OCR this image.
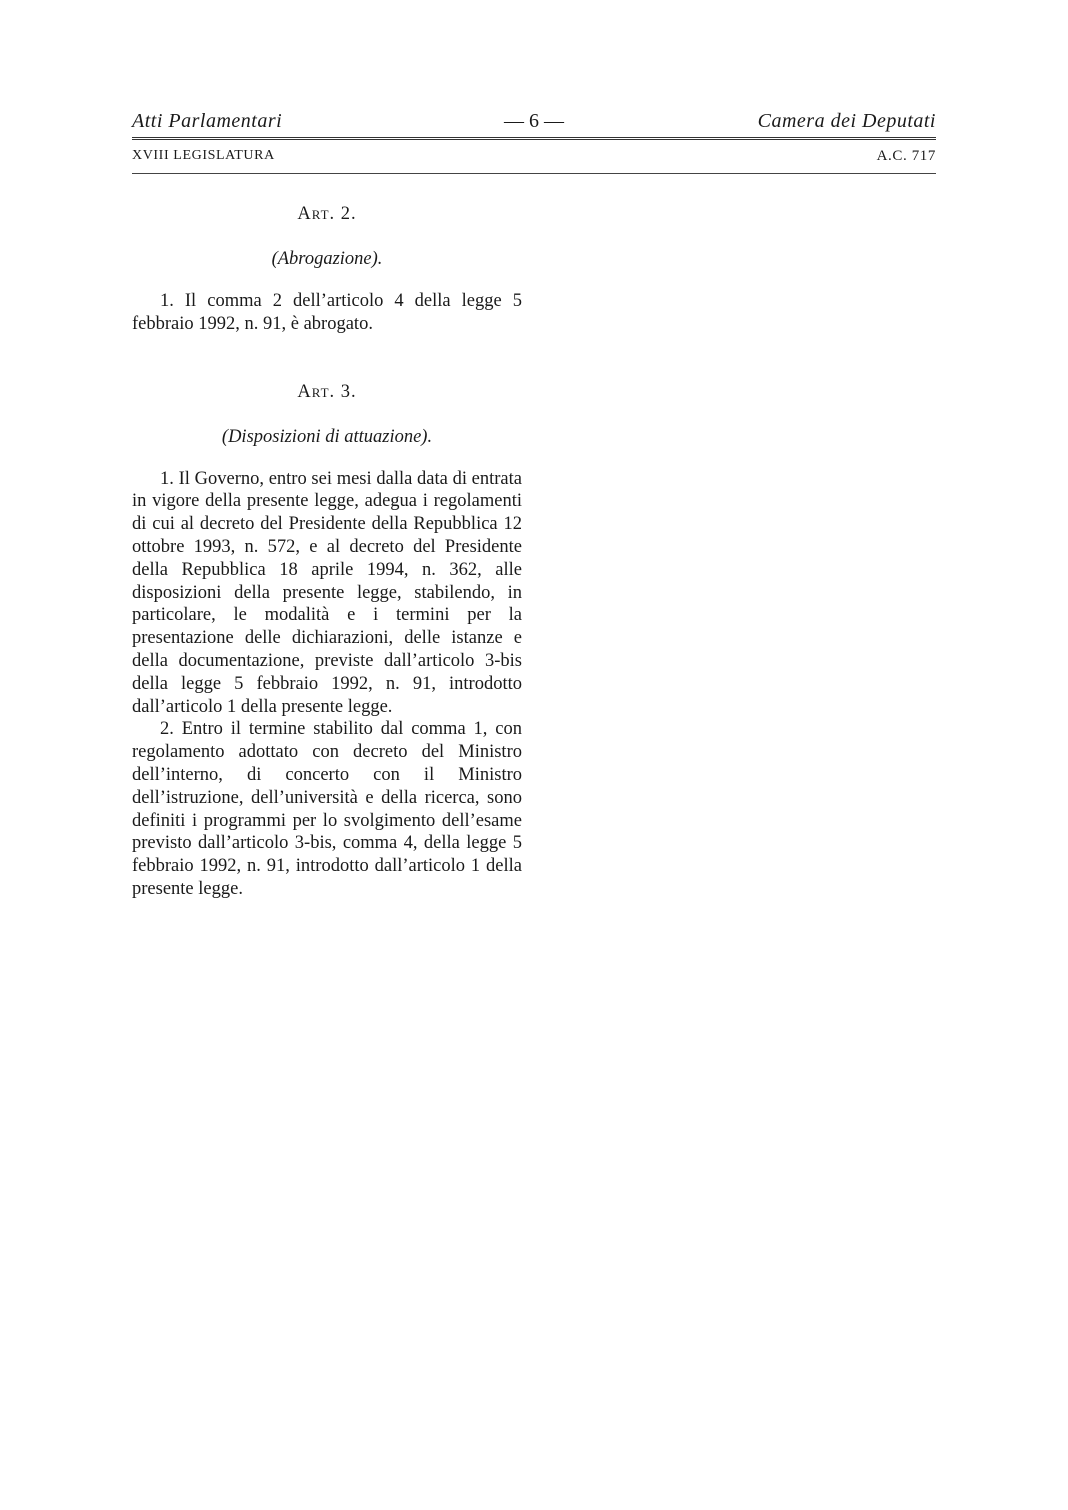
Atti Parlamentari	— 6 —	Camera dei Deputati
XVIII LEGISLATURA	A.C. 717

Art. 2.

(Abrogazione).

1. Il comma 2 dell’articolo 4 della legge 5 febbraio 1992, n. 91, è abrogato.

Art. 3.

(Disposizioni di attuazione).

1. Il Governo, entro sei mesi dalla data di entrata in vigore della presente legge, adegua i regolamenti di cui al decreto del Presidente della Repubblica 12 ottobre 1993, n. 572, e al decreto del Presidente della Repubblica 18 aprile 1994, n. 362, alle disposizioni della presente legge, stabilendo, in particolare, le modalità e i termini per la presentazione delle dichiarazioni, delle istanze e della documentazione, previste dall’articolo 3-bis della legge 5 febbraio 1992, n. 91, introdotto dall’articolo 1 della presente legge.

2. Entro il termine stabilito dal comma 1, con regolamento adottato con decreto del Ministro dell’interno, di concerto con il Ministro dell’istruzione, dell’università e della ricerca, sono definiti i programmi per lo svolgimento dell’esame previsto dall’articolo 3-bis, comma 4, della legge 5 febbraio 1992, n. 91, introdotto dall’articolo 1 della presente legge.
